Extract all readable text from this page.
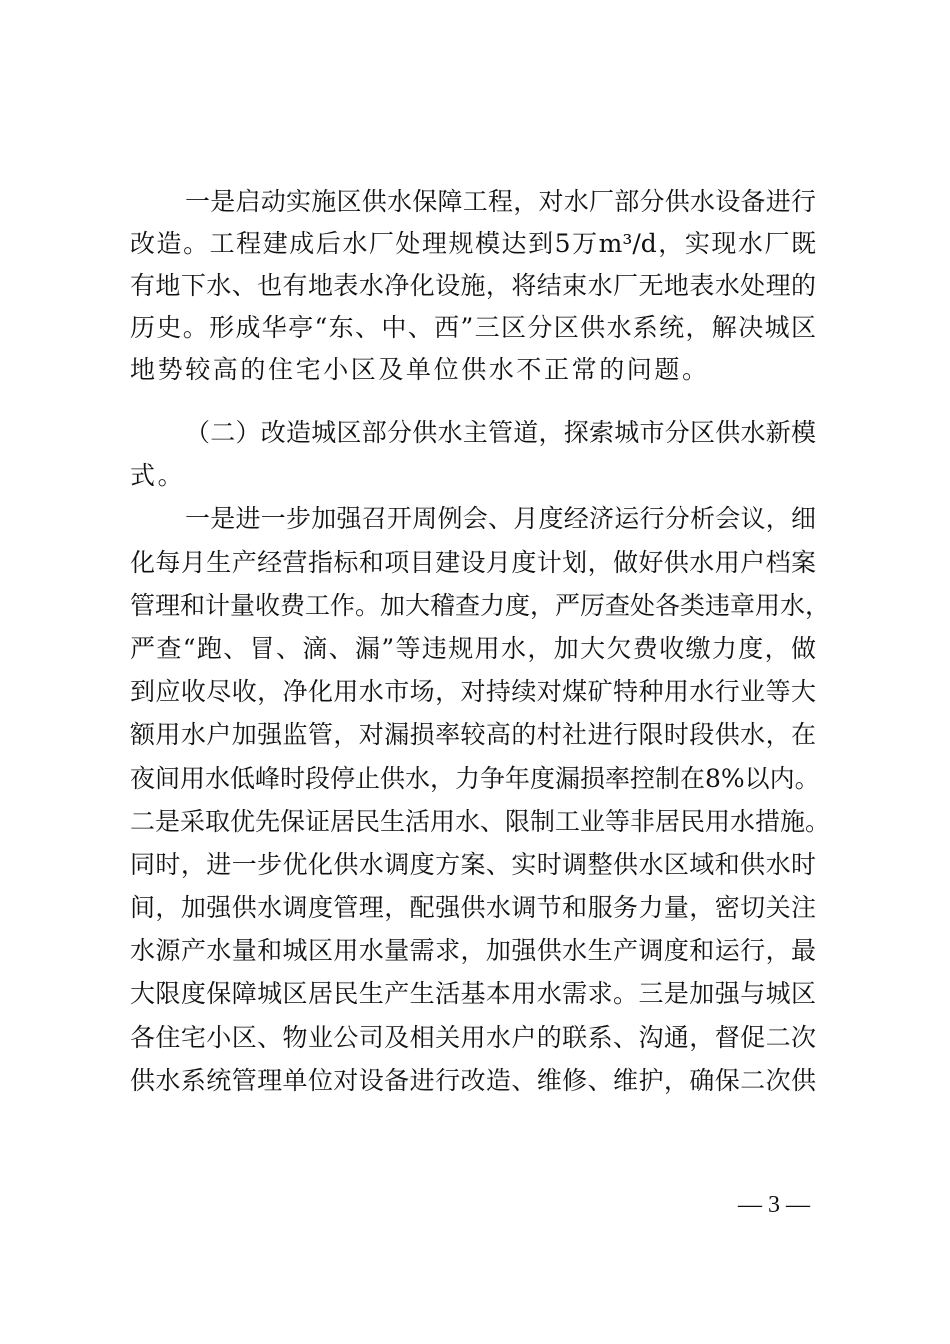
一是启动实施区供水保障工程，对水厂部分供水设备进行
改造。工程建成后水厂处理规模达到5万m³/d，实现水厂既
有地下水、也有地表水净化设施，将结束水厂无地表水处理的
历史。形成华亭“东、中、西”三区分区供水系统，解决城区
地势较高的住宅小区及单位供水不正常的问题。
（二）改造城区部分供水主管道，探索城市分区供水新模
式。
一是进一步加强召开周例会、月度经济运行分析会议，细
化每月生产经营指标和项目建设月度计划，做好供水用户档案
管理和计量收费工作。加大稽查力度，严厉查处各类违章用水，
严查“跑、冒、滴、漏”等违规用水，加大欠费收缴力度，做
到应收尽收，净化用水市场，对持续对煤矿特种用水行业等大
额用水户加强监管，对漏损率较高的村社进行限时段供水，在
夜间用水低峰时段停止供水，力争年度漏损率控制在8%以内。
二是采取优先保证居民生活用水、限制工业等非居民用水措施。
同时，进一步优化供水调度方案、实时调整供水区域和供水时
间，加强供水调度管理，配强供水调节和服务力量，密切关注
水源产水量和城区用水量需求，加强供水生产调度和运行，最
大限度保障城区居民生产生活基本用水需求。三是加强与城区
各住宅小区、物业公司及相关用水户的联系、沟通，督促二次
供水系统管理单位对设备进行改造、维修、维护，确保二次供
— 3 —
